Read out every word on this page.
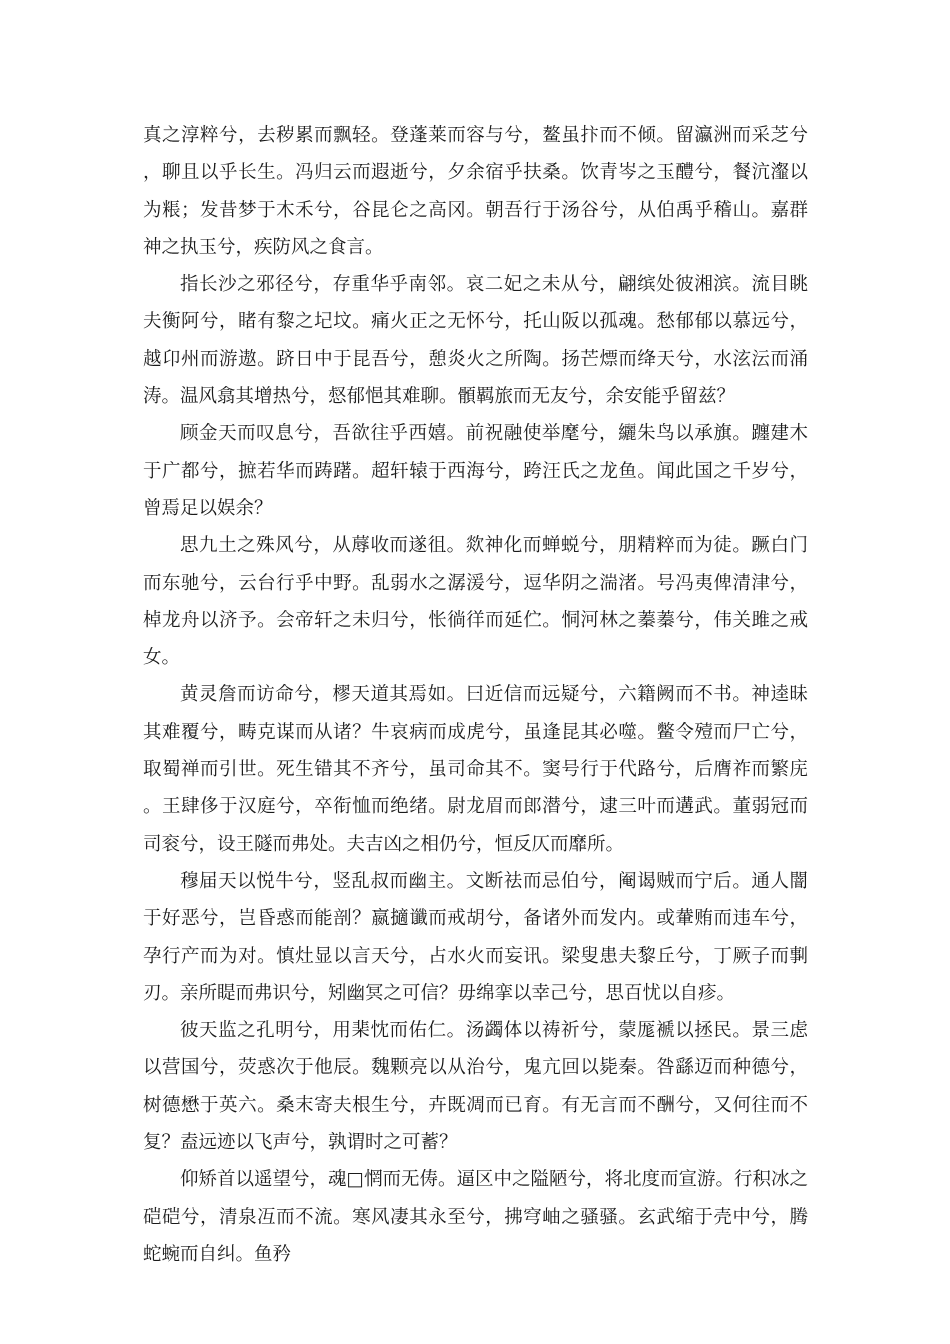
真之淳粹兮，去秽累而飘轻。登蓬莱而容与兮，鳌虽抃而不倾。留瀛洲而采芝兮，聊且以乎长生。冯归云而遐逝兮，夕余宿乎扶桑。饮青岑之玉醴兮，餐沆瀣以为粻；发昔梦于木禾兮，谷昆仑之高冈。朝吾行于汤谷兮，从伯禹乎稽山。嘉群神之执玉兮，疾防风之食言。

指长沙之邪径兮，存重华乎南邻。哀二妃之未从兮，翩缤处彼湘滨。流目眺夫衡阿兮，睹有黎之圮坟。痛火正之无怀兮，托山阪以孤魂。愁郁郁以慕远兮，越卬州而游遨。跻日中于昆吾兮，憩炎火之所陶。扬芒熛而绛天兮，水泫沄而涌涛。温风翕其增热兮，惄郁悒其难聊。顝羁旅而无友兮，余安能乎留兹？

顾金天而叹息兮，吾欲往乎西嬉。前祝融使举麾兮，纚朱鸟以承旗。躔建木于广都兮，摭若华而踌躇。超轩辕于西海兮，跨汪氏之龙鱼。闻此国之千岁兮，曾焉足以娱余？

思九土之殊风兮，从蓐收而遂徂。欻神化而蝉蜕兮，朋精粹而为徒。蹶白门而东驰兮，云台行乎中野。乱弱水之潺湲兮，逗华阴之湍渚。号冯夷俾清津兮，棹龙舟以济予。会帝轩之未归兮，怅徜徉而延伫。恫河林之蓁蓁兮，伟关雎之戒女。

黄灵詹而访命兮，樛天道其焉如。曰近信而远疑兮，六籍阙而不书。神逵昧其难覆兮，畴克谋而从诸？牛哀病而成虎兮，虽逢昆其必噬。鳖令殪而尸亡兮，取蜀禅而引世。死生错其不齐兮，虽司命其不。窦号行于代路兮，后膺祚而繁庑。王肆侈于汉庭兮，卒衔恤而绝绪。尉龙眉而郎潜兮，逮三叶而遘武。董弱冠而司衮兮，设王隧而弗处。夫吉凶之相仍兮，恒反仄而靡所。

穆届天以悦牛兮，竖乱叔而幽主。文断祛而忌伯兮，阉谒贼而宁后。通人闇于好恶兮，岂昏惑而能剖？嬴擿谶而戒胡兮，备诸外而发内。或輂贿而违车兮，孕行产而为对。慎灶显以言天兮，占水火而妄讯。梁叟患夫黎丘兮，丁厥子而剚刃。亲所睼而弗识兮，矧幽冥之可信？毋绵挛以幸己兮，思百忧以自疹。

彼天监之孔明兮，用棐忱而佑仁。汤蠲体以祷祈兮，蒙厖褫以拯民。景三虑以营国兮，荧惑次于他辰。魏颗亮以从治兮，鬼亢回以毙秦。咎繇迈而种德兮，树德懋于英六。桑末寄夫根生兮，卉既凋而已育。有无言而不酬兮，又何往而不复？盍远迹以飞声兮，孰谓时之可蓄？

仰矫首以遥望兮，魂□惘而无俦。逼区中之隘陋兮，将北度而宣游。行积冰之硙硙兮，清泉冱而不流。寒风凄其永至兮，拂穹岫之骚骚。玄武缩于壳中兮，腾蛇蜿而自纠。鱼矜
